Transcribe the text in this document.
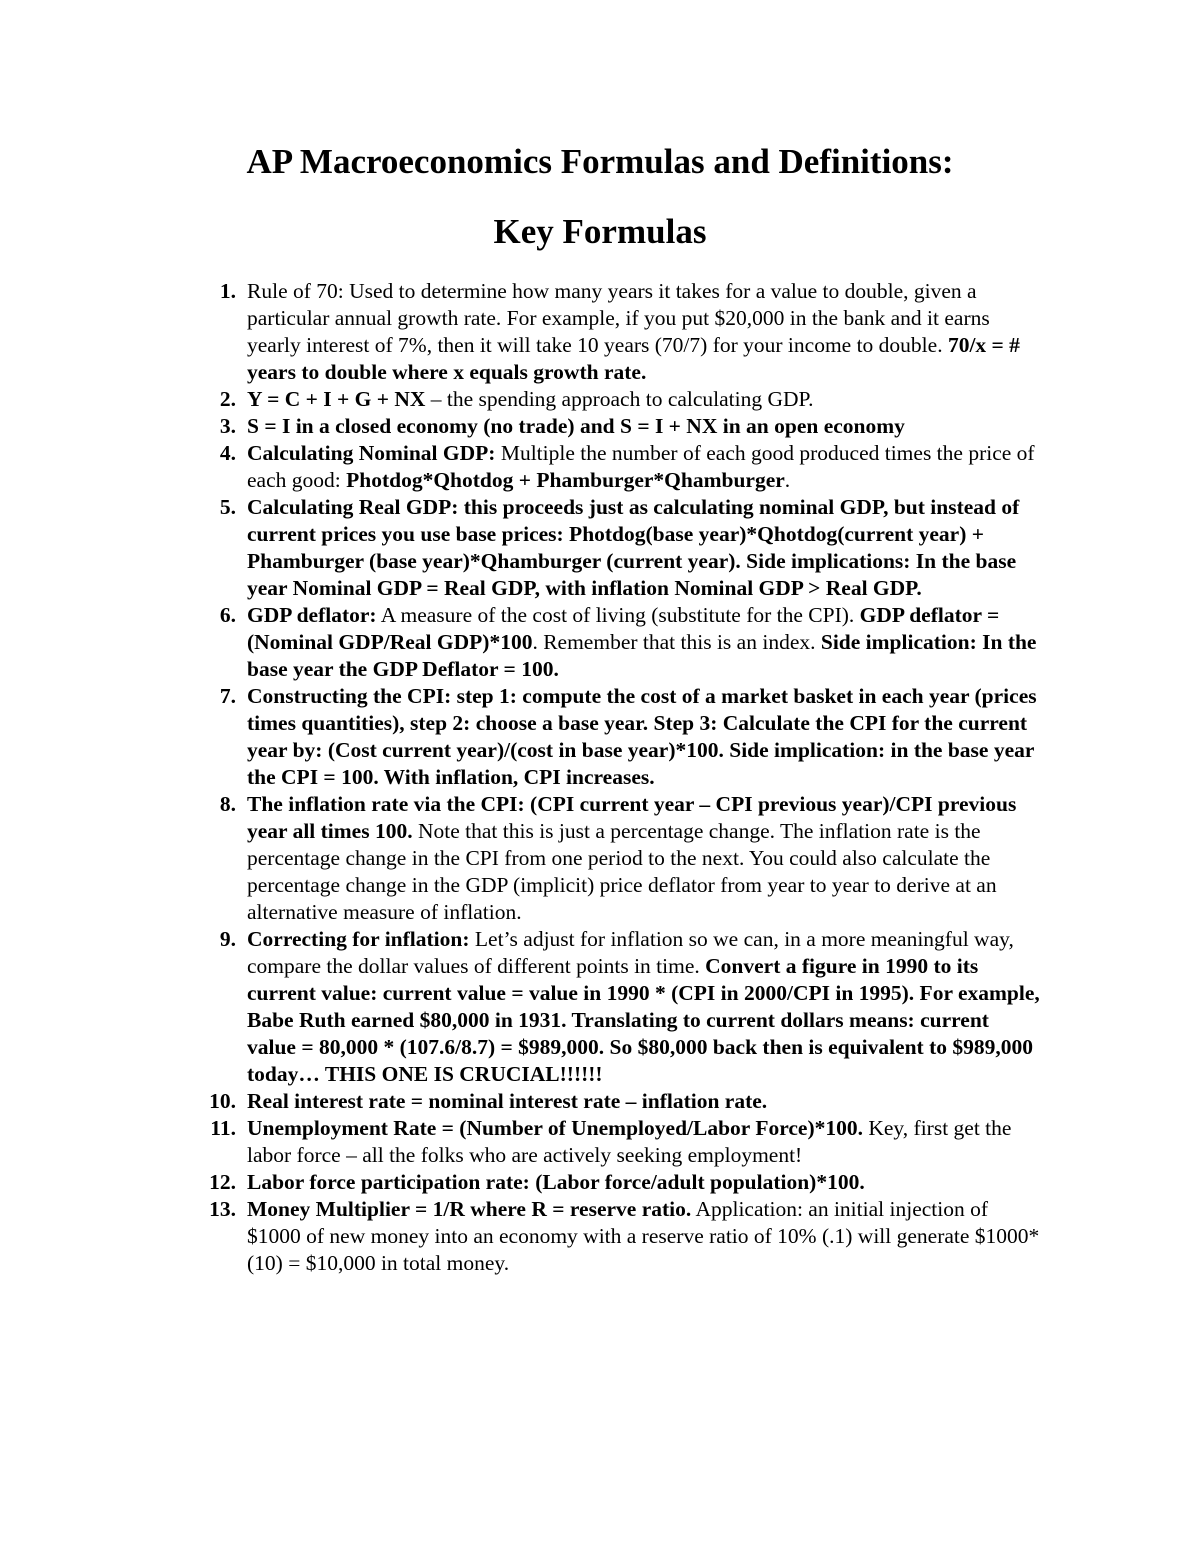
AP Macroeconomics Formulas and Definitions:
Key Formulas
1. Rule of 70: Used to determine how many years it takes for a value to double, given a particular annual growth rate. For example, if you put $20,000 in the bank and it earns yearly interest of 7%, then it will take 10 years (70/7) for your income to double. 70/x = # years to double where x equals growth rate.
2. Y = C + I + G + NX – the spending approach to calculating GDP.
3. S = I in a closed economy (no trade) and S = I + NX in an open economy
4. Calculating Nominal GDP: Multiple the number of each good produced times the price of each good: Photdog*Qhotdog + Phamburger*Qhamburger.
5. Calculating Real GDP: this proceeds just as calculating nominal GDP, but instead of current prices you use base prices: Photdog(base year)*Qhotdog(current year) + Phamburger (base year)*Qhamburger (current year). Side implications: In the base year Nominal GDP = Real GDP, with inflation Nominal GDP > Real GDP.
6. GDP deflator: A measure of the cost of living (substitute for the CPI). GDP deflator = (Nominal GDP/Real GDP)*100. Remember that this is an index. Side implication: In the base year the GDP Deflator = 100.
7. Constructing the CPI: step 1: compute the cost of a market basket in each year (prices times quantities), step 2: choose a base year. Step 3: Calculate the CPI for the current year by: (Cost current year)/(cost in base year)*100. Side implication: in the base year the CPI = 100. With inflation, CPI increases.
8. The inflation rate via the CPI: (CPI current year – CPI previous year)/CPI previous year all times 100. Note that this is just a percentage change. The inflation rate is the percentage change in the CPI from one period to the next. You could also calculate the percentage change in the GDP (implicit) price deflator from year to year to derive at an alternative measure of inflation.
9. Correcting for inflation: Let’s adjust for inflation so we can, in a more meaningful way, compare the dollar values of different points in time. Convert a figure in 1990 to its current value: current value = value in 1990 * (CPI in 2000/CPI in 1995). For example, Babe Ruth earned $80,000 in 1931. Translating to current dollars means: current value = 80,000 * (107.6/8.7) = $989,000. So $80,000 back then is equivalent to $989,000 today… THIS ONE IS CRUCIAL!!!!!!
10. Real interest rate = nominal interest rate – inflation rate.
11. Unemployment Rate = (Number of Unemployed/Labor Force)*100. Key, first get the labor force – all the folks who are actively seeking employment!
12. Labor force participation rate: (Labor force/adult population)*100.
13. Money Multiplier = 1/R where R = reserve ratio. Application: an initial injection of $1000 of new money into an economy with a reserve ratio of 10% (.1) will generate $1000*(10) = $10,000 in total money.
